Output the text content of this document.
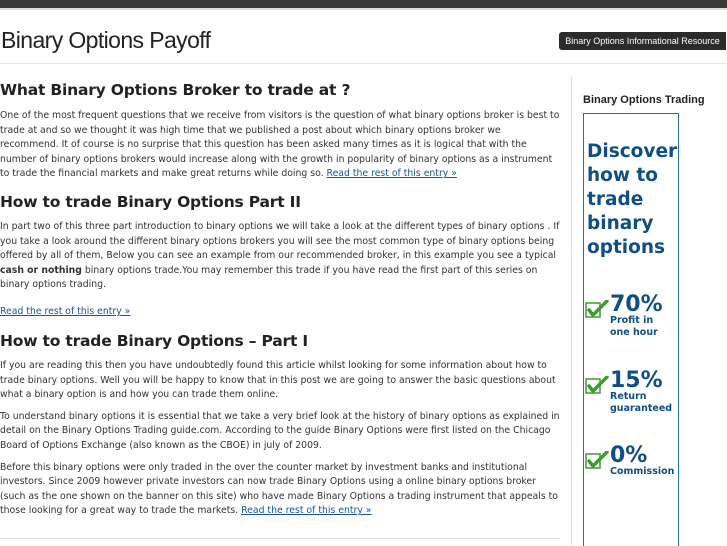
Binary Options Payoff	Binary Options Informational Resource
What Binary Options Broker to trade at ?

One of the most frequent questions that we receive from visitors is the question of what binary options broker is best to trade at and so we thought it was high time that we published a post about which binary options broker we recommend. It of course is no surprise that this question has been asked many times as it is logical that with the number of binary options brokers would increase along with the growth in popularity of binary options as a instrument to trade the financial markets and make great returns while doing so. Read the rest of this entry »

How to trade Binary Options Part II

In part two of this three part introduction to binary options we will take a look at the different types of binary options . If you take a look around the different binary options brokers you will see the most common type of binary options being offered by all of them, Below you can see an example from our recommended broker, in this example you see a typical cash or nothing binary options trade.You may remember this trade if you have read the first part of this series on binary options trading.

Read the rest of this entry »

How to trade Binary Options – Part I

If you are reading this then you have undoubtedly found this article whilst looking for some information about how to trade binary options. Well you will be happy to know that in this post we are going to answer the basic questions about what a binary option is and how you can trade them online.

To understand binary options it is essential that we take a very brief look at the history of binary options as explained in detail on the Binary Options Trading guide.com. According to the guide Binary Options were first listed on the Chicago Board of Options Exchange (also known as the CBOE) in july of 2009.

Before this binary options were only traded in the over the counter market by investment banks and institutional investors. Since 2009 however private investors can now trade Binary Options using a online binary options broker (such as the one shown on the banner on this site) who have made Binary Options a trading instrument that appeals to those looking for a great way to trade the markets. Read the rest of this entry »

Binary Options Trading
Discover how to trade binary options
70%
Profit in
one hour
15%
Return
guaranteed
0%
Commission
